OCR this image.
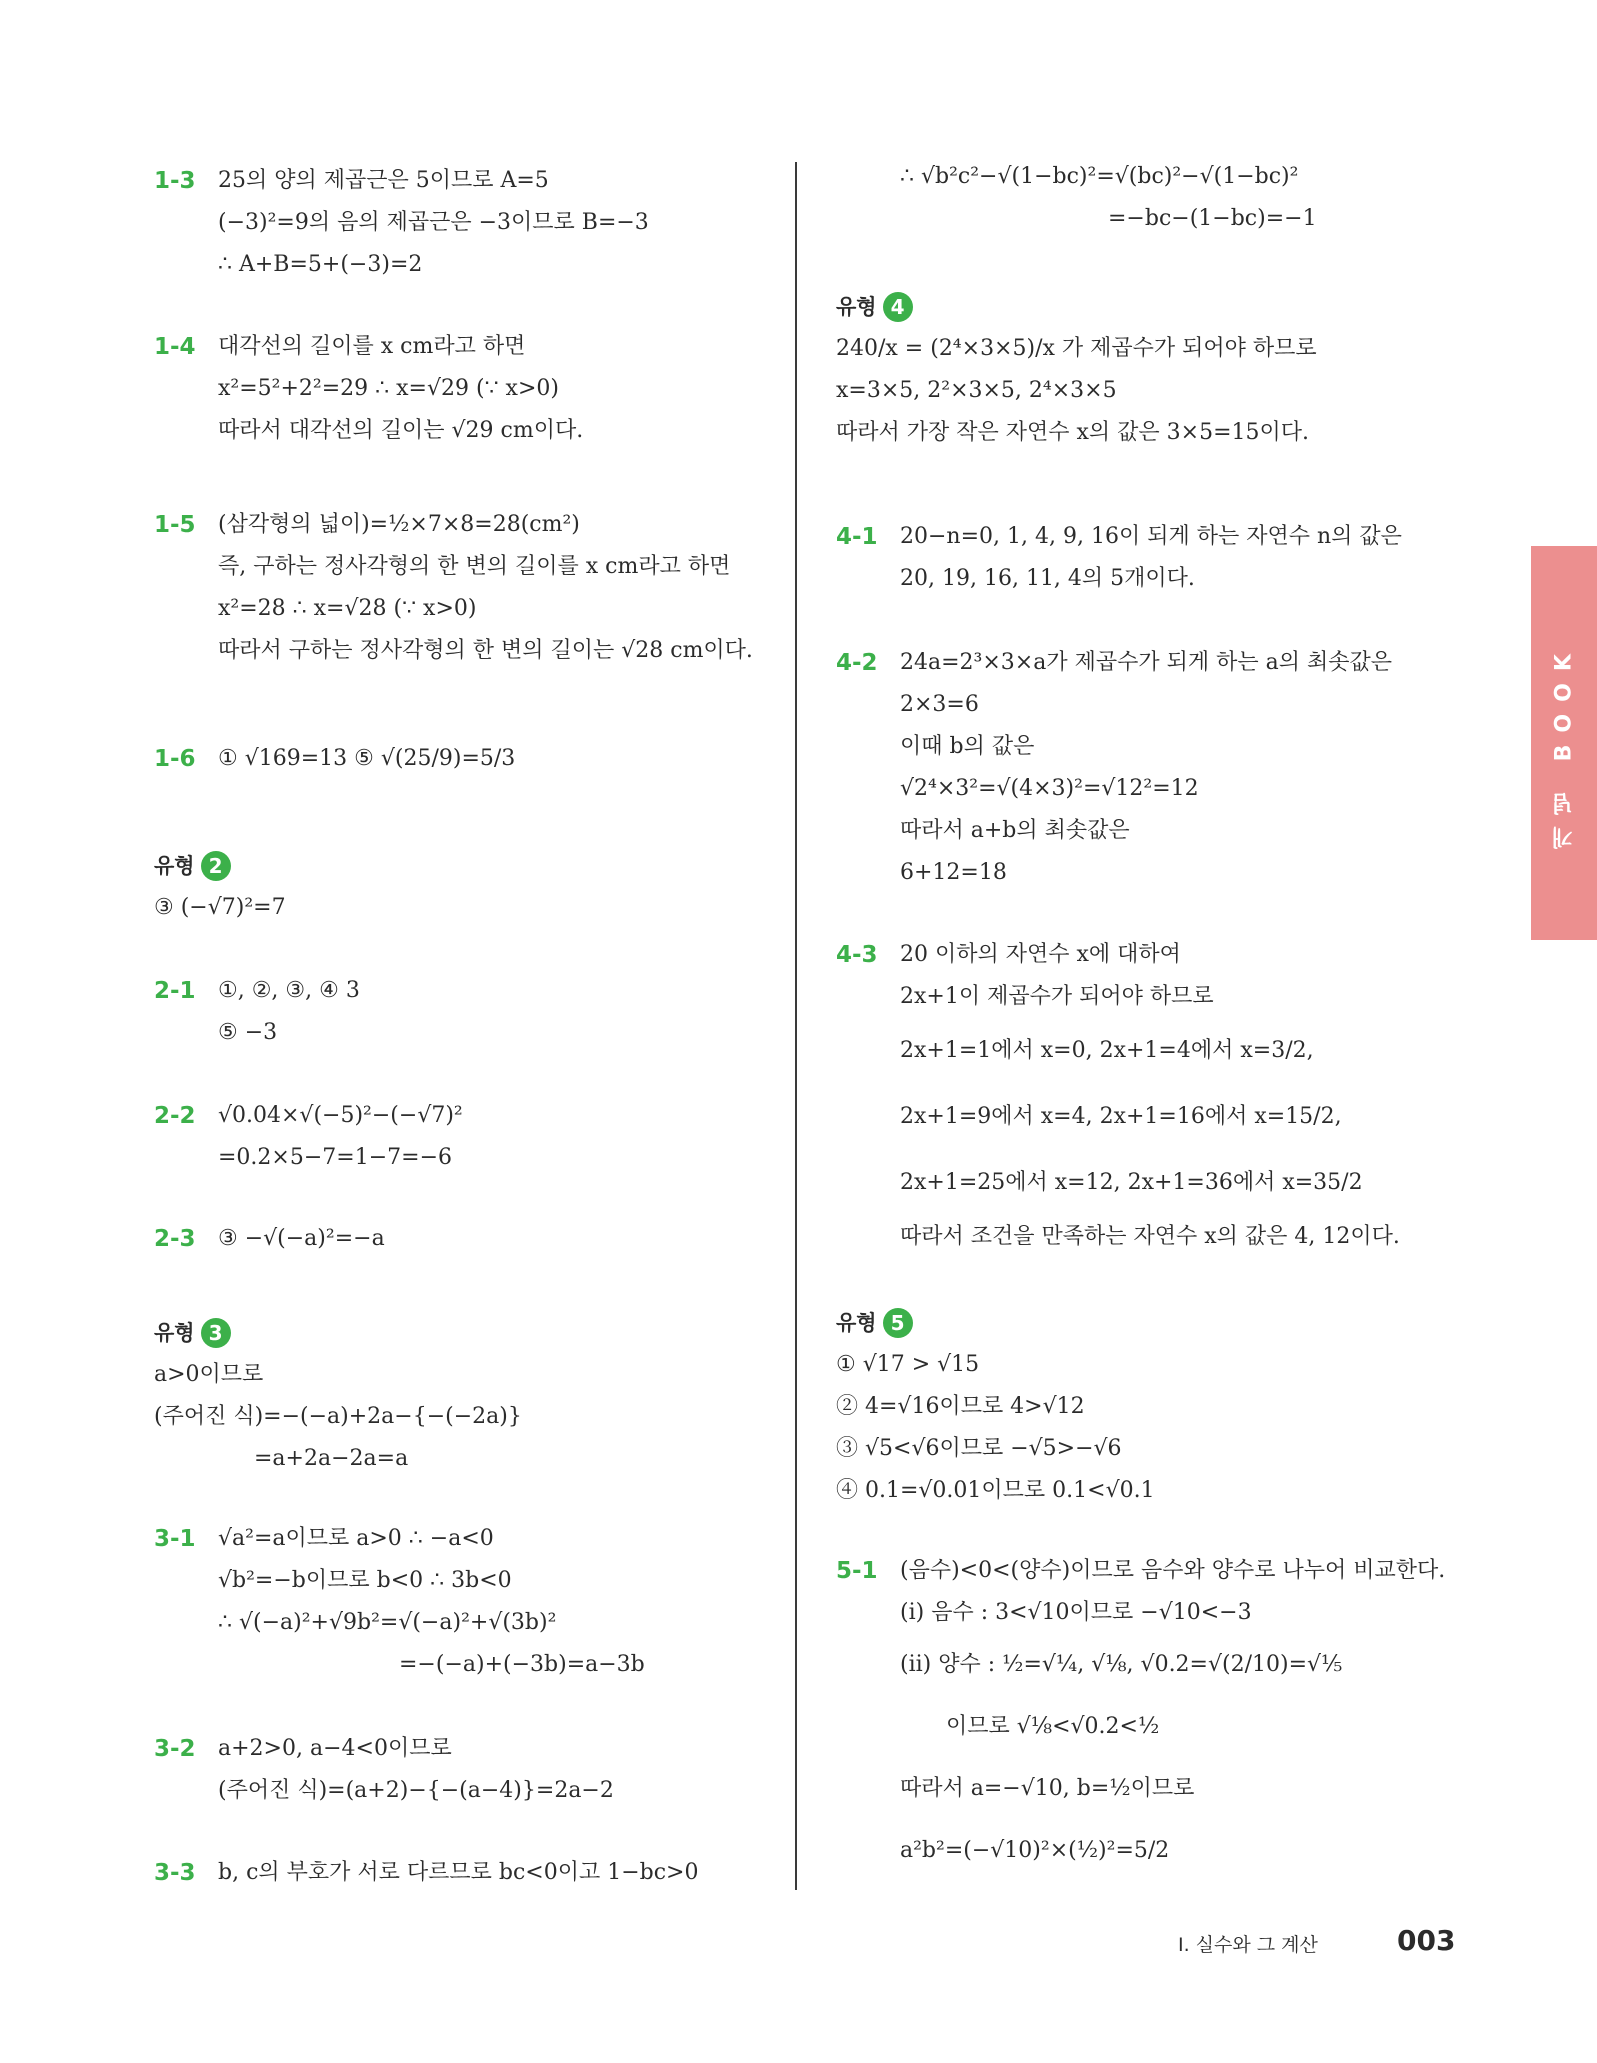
개념 BOOK
1-3	25의 양의 제곱근은 5이므로 A=5
(−3)²=9의 음의 제곱근은 −3이므로 B=−3
∴ A+B=5+(−3)=2
1-4	대각선의 길이를 x cm라고 하면
x²=5²+2²=29 ∴ x=√29 (∵ x>0)
따라서 대각선의 길이는 √29 cm이다.
1-5	(삼각형의 넓이)=½×7×8=28(cm²)
즉, 구하는 정사각형의 한 변의 길이를 x cm라고 하면
x²=28 ∴ x=√28 (∵ x>0)
따라서 구하는 정사각형의 한 변의 길이는 √28 cm이다.
1-6	① √169=13 ⑤ √(25/9)=5/3
유형 2
③ (−√7)²=7
2-1	①, ②, ③, ④ 3
⑤ −3
2-2	√0.04×√(−5)²−(−√7)²
=0.2×5−7=1−7=−6
2-3	③ −√(−a)²=−a
유형 3
a>0이므로
(주어진 식)=−(−a)+2a−{−(−2a)}
=a+2a−2a=a
3-1	√a²=a이므로 a>0 ∴ −a<0
√b²=−b이므로 b<0 ∴ 3b<0
∴ √(−a)²+√9b²=√(−a)²+√(3b)²
=−(−a)+(−3b)=a−3b
3-2	a+2>0, a−4<0이므로
(주어진 식)=(a+2)−{−(a−4)}=2a−2
3-3	b, c의 부호가 서로 다르므로 bc<0이고 1−bc>0
∴ √b²c²−√(1−bc)²=√(bc)²−√(1−bc)²
=−bc−(1−bc)=−1
유형 4
240/x = (2⁴×3×5)/x 가 제곱수가 되어야 하므로
x=3×5, 2²×3×5, 2⁴×3×5
따라서 가장 작은 자연수 x의 값은 3×5=15이다.
4-1	20−n=0, 1, 4, 9, 16이 되게 하는 자연수 n의 값은
20, 19, 16, 11, 4의 5개이다.
4-2	24a=2³×3×a가 제곱수가 되게 하는 a의 최솟값은
2×3=6
이때 b의 값은
√2⁴×3²=√(4×3)²=√12²=12
따라서 a+b의 최솟값은
6+12=18
4-3	20 이하의 자연수 x에 대하여
2x+1이 제곱수가 되어야 하므로
2x+1=1에서 x=0, 2x+1=4에서 x=3/2,
2x+1=9에서 x=4, 2x+1=16에서 x=15/2,
2x+1=25에서 x=12, 2x+1=36에서 x=35/2
따라서 조건을 만족하는 자연수 x의 값은 4, 12이다.
유형 5
① √17 > √15
② 4=√16이므로 4>√12
③ √5<√6이므로 −√5>−√6
④ 0.1=√0.01이므로 0.1<√0.1
5-1	(음수)<0<(양수)이므로 음수와 양수로 나누어 비교한다.
(ⅰ) 음수 : 3<√10이므로 −√10<−3
(ⅱ) 양수 : ½=√¼, √⅛, √0.2=√(2/10)=√⅕
이므로 √⅛<√0.2<½
따라서 a=−√10, b=½이므로
a²b²=(−√10)²×(½)²=5/2
Ⅰ. 실수와 그 계산	003
